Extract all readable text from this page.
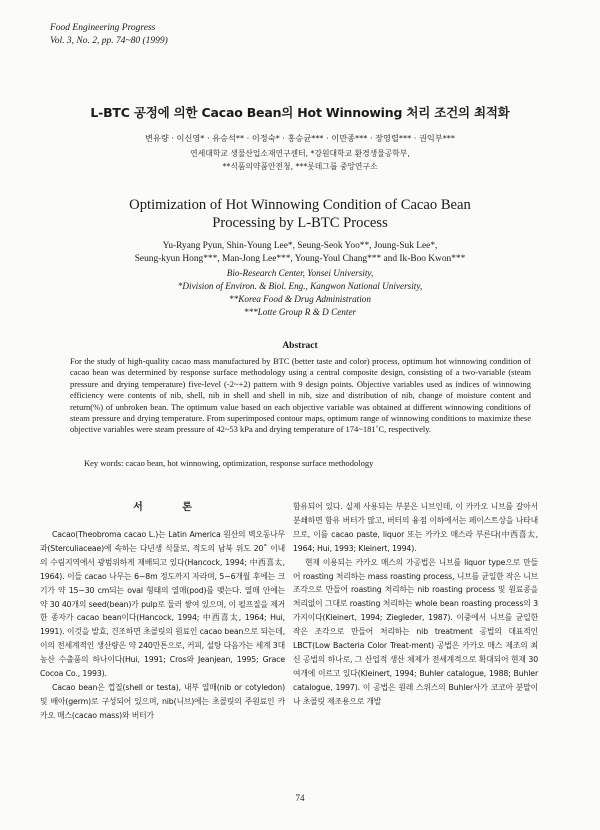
Food Engineering Progress
Vol. 3, No. 2, pp. 74~80 (1999)
L-BTC 공정에 의한 Cacao Bean의 Hot Winnowing 처리 조건의 최적화
변유량 · 이신영* · 유승석** · 이정숙* · 홍승균*** · 이만종*** · 장영렬*** · 권익부***
연세대학교 생물산업소재연구센터, *강원대학교 환경생물공학부,
**식품의약품안전청, ***롯데그룹 중앙연구소
Optimization of Hot Winnowing Condition of Cacao Bean
Processing by L-BTC Process
Yu-Ryang Pyun, Shin-Young Lee*, Seung-Seok Yoo**, Joung-Suk Lee*,
Seung-kyun Hong***, Man-Jong Lee***, Young-Youl Chang*** and Ik-Boo Kwon***
Bio-Research Center, Yonsei University,
*Division of Environ. & Biol. Eng., Kangwon National University,
**Korea Food & Drug Administration
***Lotte Group R & D Center
Abstract
For the study of high-quality cacao mass manufactured by BTC (better taste and color) process, optimum hot winnowing condition of cacao bean was determined by response surface methodology using a central composite design, consisting of a two-variable (steam pressure and drying temperature) five-level (-2~+2) pattern with 9 design points. Objective variables used as indices of winnowing efficiency were contents of nib, shell, nib in shell and shell in nib, size and distribution of nib, change of moisture content and return(%) of unbroken bean. The optimum value based on each objective variable was obtained at different winnowing conditions of steam pressure and drying temperature. From superimposed contour maps, optimum range of winnowing conditions to maximize these objective variables were steam pressure of 42~53 kPa and drying temperature of 174~181˚C, respectively.
Key words: cacao bean, hot winnowing, optimization, response surface methodology
서 론

Cacao(Theobroma cacao L.)는 Latin America 원산의 벽오동나무과(Sterculiaceae)에 속하는 다년생 식물로, 적도의 남북 위도 20˚ 이내의 수림지역에서 광범위하게 재배되고 있다(Hancock, 1994; 中西喜太, 1964). 이들 cacao 나무는 6~8m 정도까지 자라며, 5~6개월 후에는 크기가 약 15~30 cm되는 oval 형태의 열매(pod)를 맺는다. 열매 안에는 약 30 40개의 seed(bean)가 pulp로 둘러 쌓여 있으며, 이 펄프질을 제거한 종자가 cacao bean이다(Hancock, 1994; 中西喜太, 1964; Hui, 1991). 이것을 발효, 건조하면 초콜릿의 원료인 cacao bean으로 되는데, 이의 전세계적인 생산량은 약 240만톤으로, 커피, 설탕 다음가는 세계 3대 농산 수출품의 하나이다(Hui, 1991; Cros와 Jeanjean, 1995; Grace Cocoa Co., 1993).

Cacao bean은 껍질(shell or testa), 내부 열매(nib or cotyledon) 및 배아(germ)로 구성되어 있으며, nib(니브)에는 초콜릿의 주원료인 카카오 매스(cacao mass)와 버터가

함유되어 있다. 실제 사용되는 부분은 니브인데, 이 카카오 니브를 갈아서 분쇄하면 함유 버터가 많고, 버터의 융점 이하에서는 페이스트상을 나타내므로, 이를 cacao paste, liquor 또는 카카오 매스라 부른다(中西喜太, 1964; Hui, 1993; Kleinert, 1994).

현재 이용되는 카카오 매스의 가공법은 니브를 liquor type으로 만들어 roasting 처리하는 mass roasting process, 니브를 균일한 작은 니브 조각으로 만들어 roasting 처리하는 nib roasting process 및 원료콩을 처리없이 그대로 roasting 처리하는 whole bean roasting process의 3가지이다(Kleinert, 1994; Ziegleder, 1987). 이중에서 니브를 균일한 작은 조각으로 만들어 처리하는 nib treatment 공법의 대표적인 LBCT(Low Bacteria Color Treat-ment) 공법은 카카오 매스 제조의 최신 공법의 하나로, 그 산업적 생산 체제가 전세계적으로 확대되어 현재 30여개에 이르고 있다(Kleinert, 1994; Buhler catalogue, 1988; Buhler catalogue, 1997). 이 공법은 원래 스위스의 Buhler사가 코코아 분말이나 초콜릿 제조용으로 개발

74
